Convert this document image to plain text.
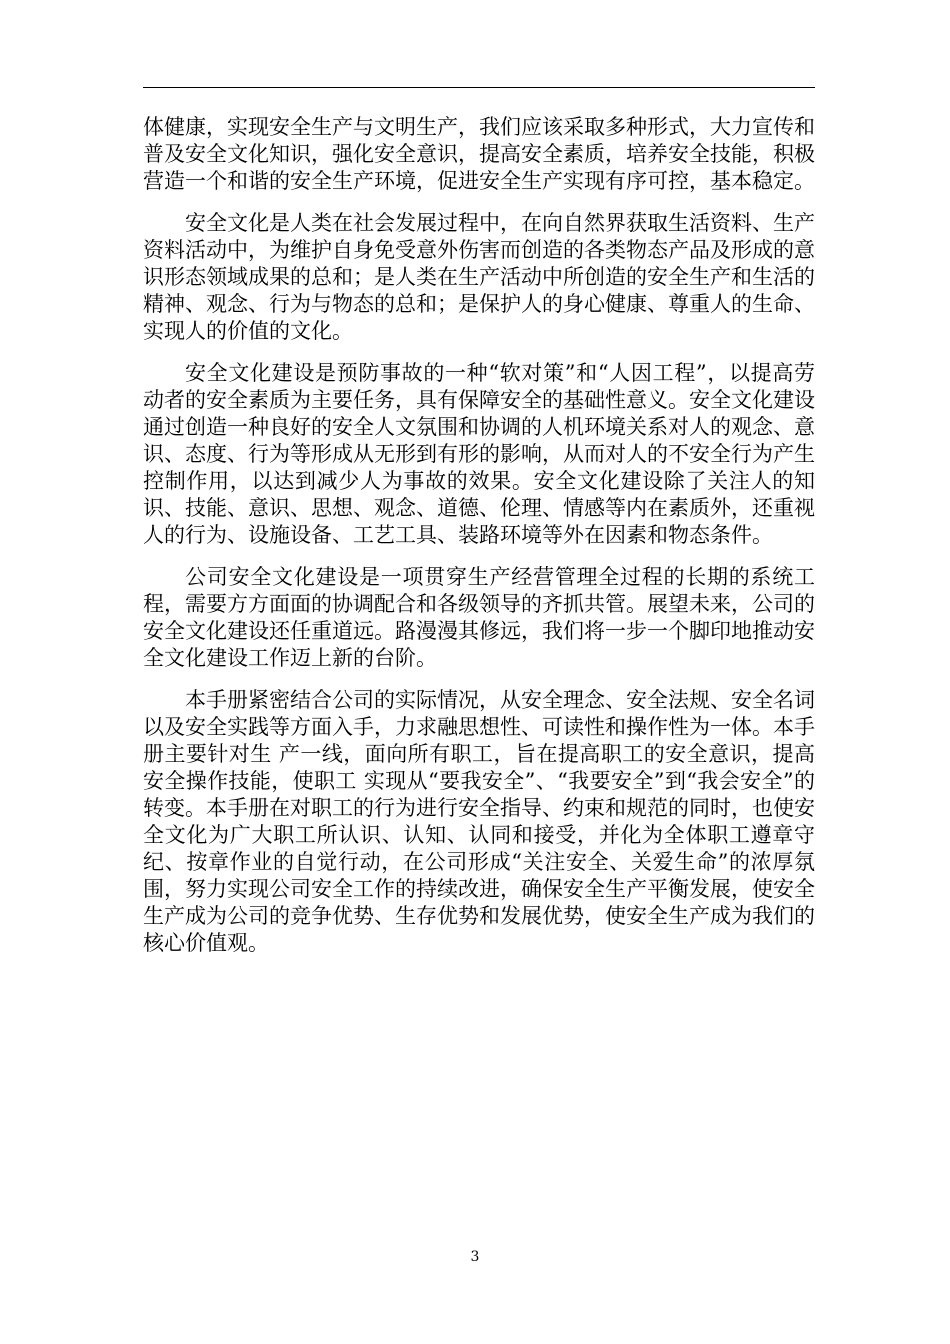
体健康，实现安全生产与文明生产，我们应该采取多种形式，大力宣传和普及安全文化知识，强化安全意识，提高安全素质，培养安全技能，积极营造一个和谐的安全生产环境，促进安全生产实现有序可控，基本稳定。

安全文化是人类在社会发展过程中，在向自然界获取生活资料、生产资料活动中，为维护自身免受意外伤害而创造的各类物态产品及形成的意识形态领域成果的总和；是人类在生产活动中所创造的安全生产和生活的精神、观念、行为与物态的总和；是保护人的身心健康、尊重人的生命、实现人的价值的文化。

安全文化建设是预防事故的一种“软对策”和“人因工程”，以提高劳动者的安全素质为主要任务，具有保障安全的基础性意义。安全文化建设通过创造一种良好的安全人文氛围和协调的人机环境关系对人的观念、意识、态度、行为等形成从无形到有形的影响，从而对人的不安全行为产生控制作用，以达到减少人为事故的效果。安全文化建设除了关注人的知识、技能、意识、思想、观念、道德、伦理、情感等内在素质外，还重视人的行为、设施设备、工艺工具、装路环境等外在因素和物态条件。

公司安全文化建设是一项贯穿生产经营管理全过程的长期的系统工程，需要方方面面的协调配合和各级领导的齐抓共管。展望未来，公司的安全文化建设还任重道远。路漫漫其修远，我们将一步一个脚印地推动安全文化建设工作迈上新的台阶。

本手册紧密结合公司的实际情况，从安全理念、安全法规、安全名词以及安全实践等方面入手，力求融思想性、可读性和操作性为一体。本手册主要针对生 产一线，面向所有职工，旨在提高职工的安全意识，提高安全操作技能，使职工 实现从“要我安全”、“我要安全”到“我会安全”的转变。本手册在对职工的行为进行安全指导、约束和规范的同时，也使安全文化为广大职工所认识、认知、认同和接受，并化为全体职工遵章守纪、按章作业的自觉行动，在公司形成“关注安全、关爱生命”的浓厚氛围，努力实现公司安全工作的持续改进，确保安全生产平衡发展，使安全生产成为公司的竞争优势、生存优势和发展优势，使安全生产成为我们的核心价值观。

3
